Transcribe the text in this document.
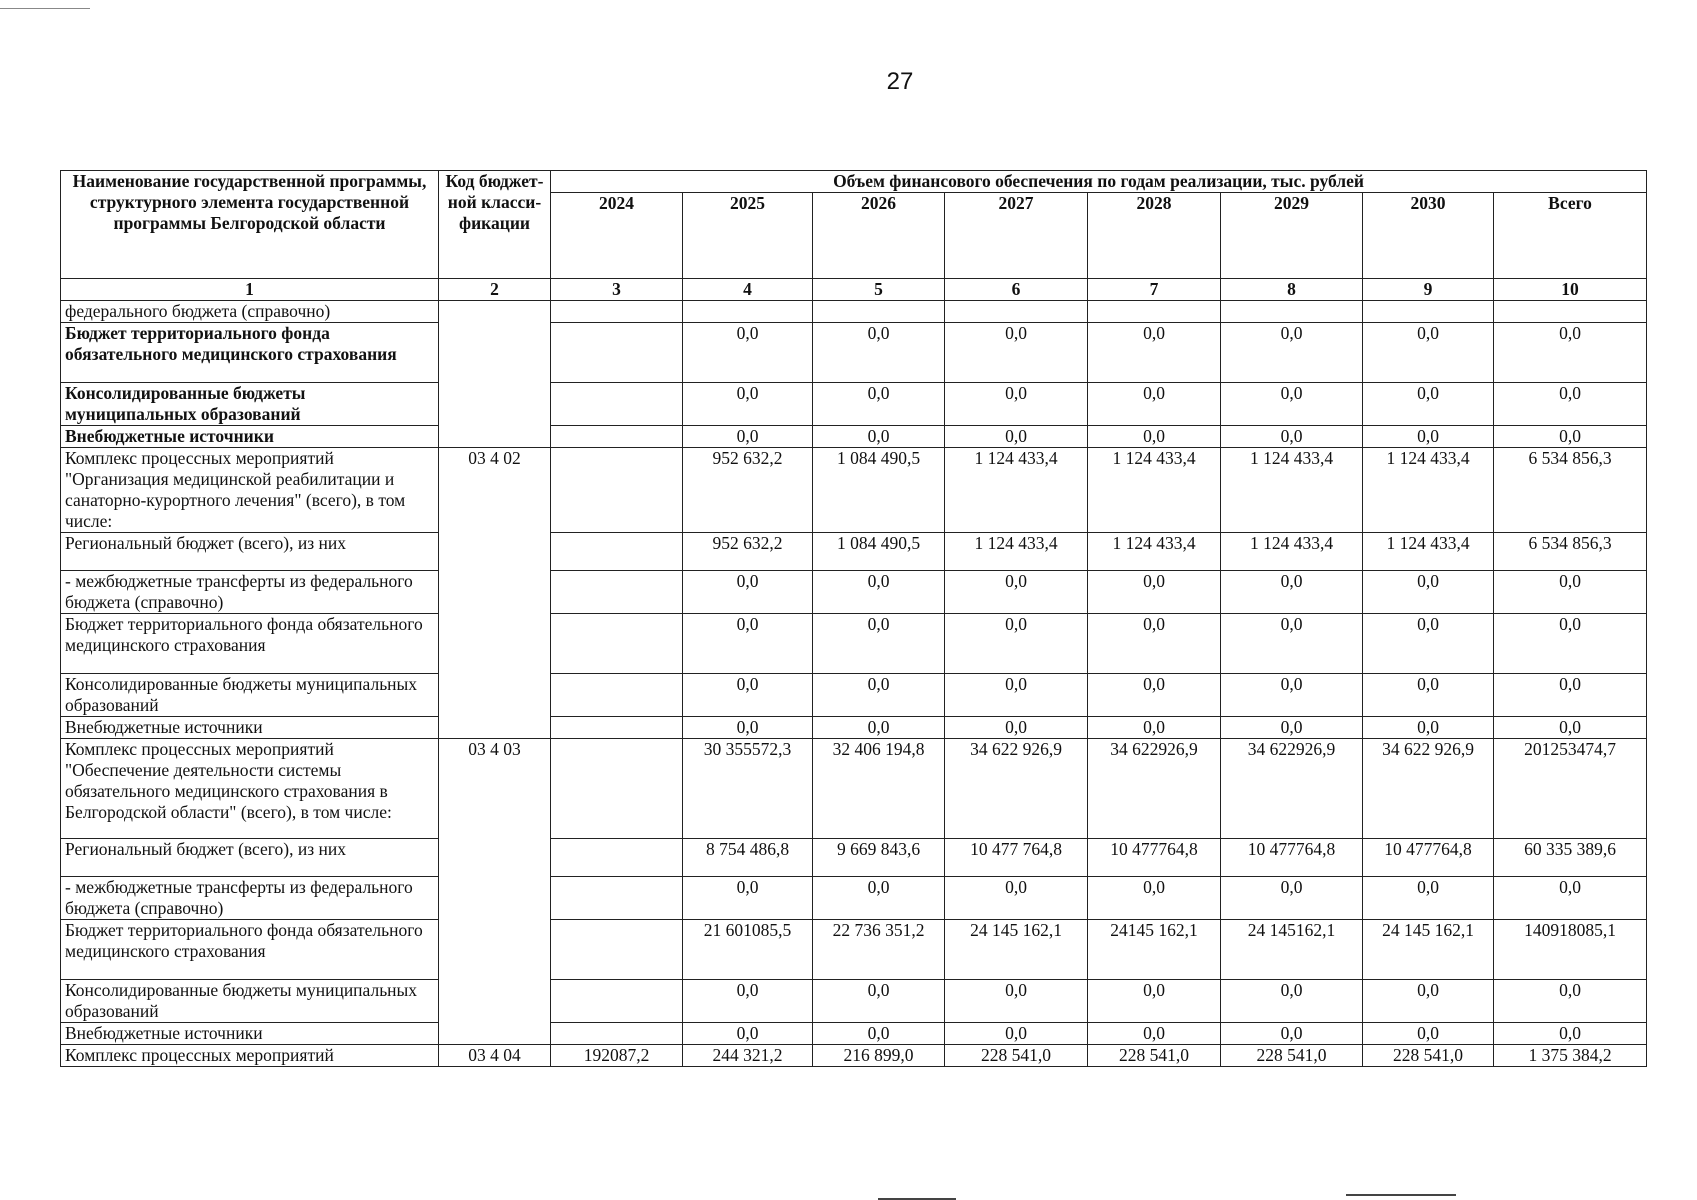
27
Наименование государственной программы, структурного элемента государственной программы Белгородской области	Код бюджет-ной класси-фикации	Объем финансового обеспечения по годам реализации, тыс. рублей							
		2024	2025	2026	2027	2028	2029	2030	Всего
1	2	3	4	5	6	7	8	9	10
федерального бюджета (справочно)									
Бюджет территориального фонда обязательного медицинского страхования			0,0	0,0	0,0	0,0	0,0	0,0	0,0
Консолидированные бюджеты муниципальных образований			0,0	0,0	0,0	0,0	0,0	0,0	0,0
Внебюджетные источники			0,0	0,0	0,0	0,0	0,0	0,0	0,0
Комплекс процессных мероприятий "Организация медицинской реабилитации и санаторно-курортного лечения" (всего), в том числе:	03 4 02		952 632,2	1 084 490,5	1 124 433,4	1 124 433,4	1 124 433,4	1 124 433,4	6 534 856,3
Региональный бюджет (всего), из них			952 632,2	1 084 490,5	1 124 433,4	1 124 433,4	1 124 433,4	1 124 433,4	6 534 856,3
- межбюджетные трансферты из федерального бюджета (справочно)			0,0	0,0	0,0	0,0	0,0	0,0	0,0
Бюджет территориального фонда обязательного медицинского страхования			0,0	0,0	0,0	0,0	0,0	0,0	0,0
Консолидированные бюджеты муниципальных образований			0,0	0,0	0,0	0,0	0,0	0,0	0,0
Внебюджетные источники			0,0	0,0	0,0	0,0	0,0	0,0	0,0
Комплекс процессных мероприятий "Обеспечение деятельности системы обязательного медицинского страхования в Белгородской области" (всего), в том числе:	03 4 03		30 355572,3	32 406 194,8	34 622 926,9	34 622926,9	34 622926,9	34 622 926,9	201253474,7
Региональный бюджет (всего), из них			8 754 486,8	9 669 843,6	10 477 764,8	10 477764,8	10 477764,8	10 477764,8	60 335 389,6
- межбюджетные трансферты из федерального бюджета (справочно)			0,0	0,0	0,0	0,0	0,0	0,0	0,0
Бюджет территориального фонда обязательного медицинского страхования			21 601085,5	22 736 351,2	24 145 162,1	24145 162,1	24 145162,1	24 145 162,1	140918085,1
Консолидированные бюджеты муниципальных образований			0,0	0,0	0,0	0,0	0,0	0,0	0,0
Внебюджетные источники			0,0	0,0	0,0	0,0	0,0	0,0	0,0
Комплекс процессных мероприятий	03 4 04	192087,2	244 321,2	216 899,0	228 541,0	228 541,0	228 541,0	228 541,0	1 375 384,2
